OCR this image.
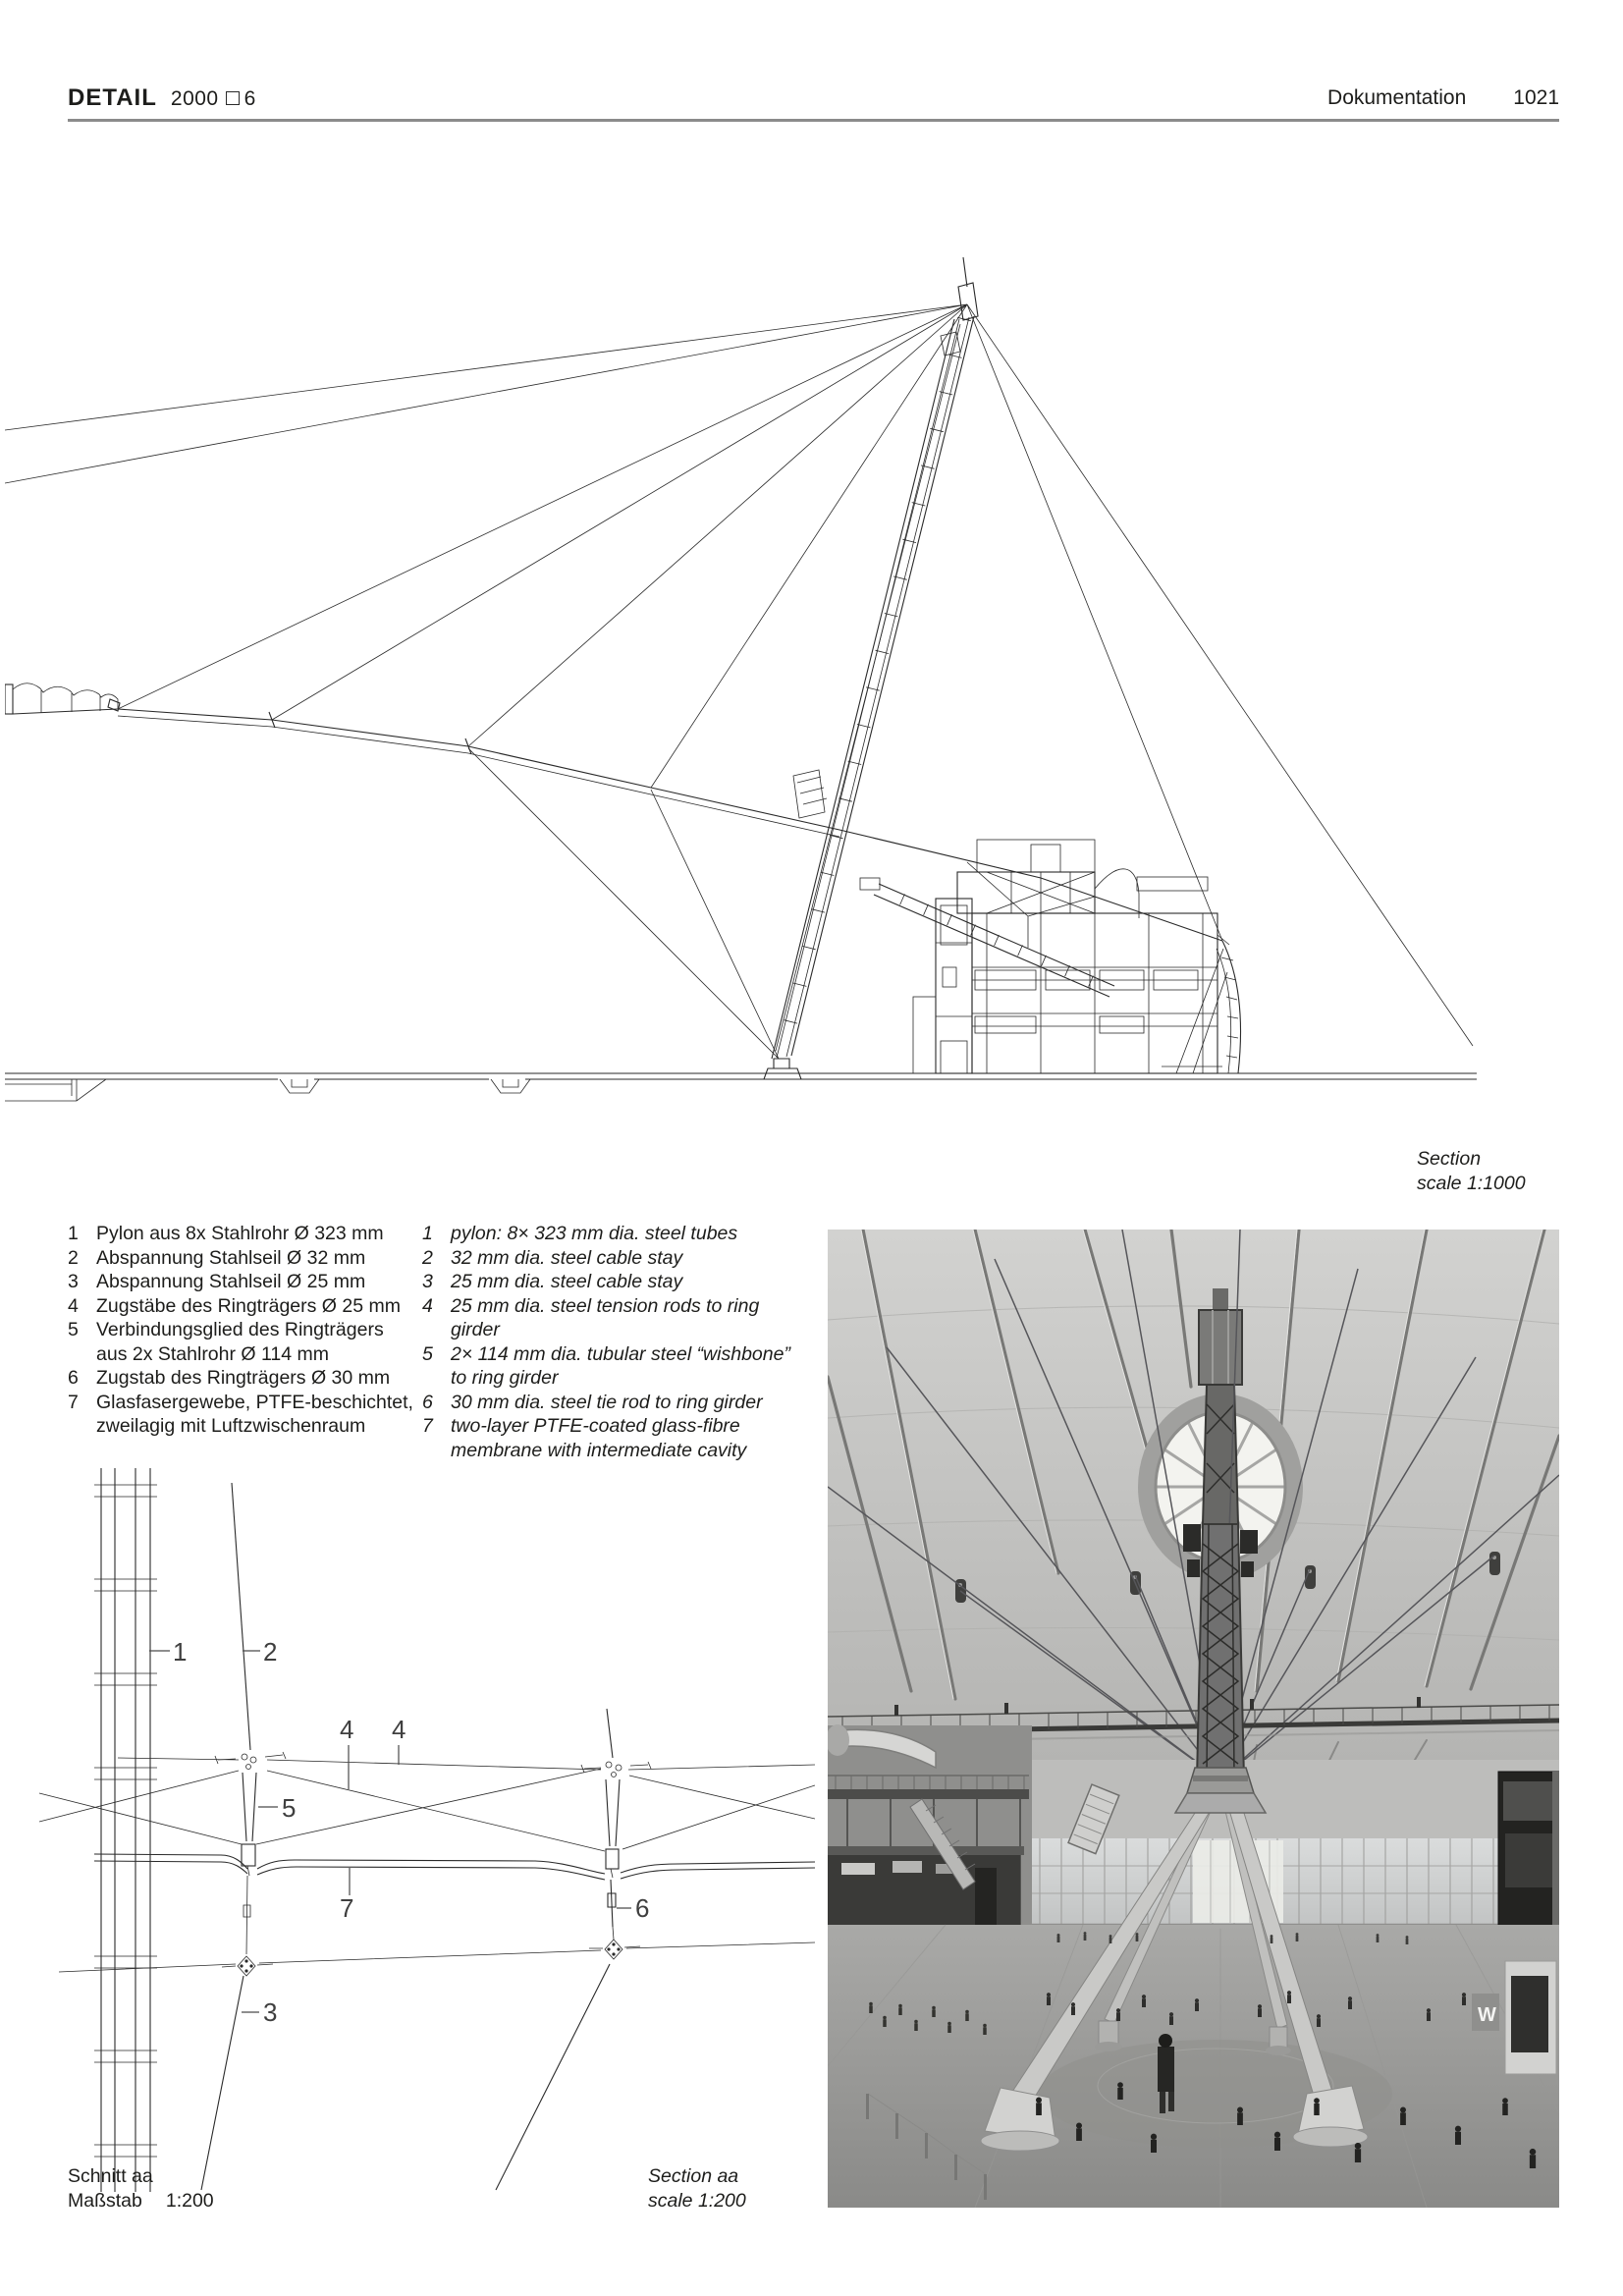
DETAIL 2000 6	Dokumentation 1021
Section
scale 1:1000
1 Pylon aus 8x Stahlrohr Ø 323 mm
2 Abspannung Stahlseil Ø 32 mm
3 Abspannung Stahlseil Ø 25 mm
4 Zugstäbe des Ringträgers Ø 25 mm
5 Verbindungsglied des Ringträgers
aus 2x Stahlrohr Ø 114 mm
6 Zugstab des Ringträgers Ø 30 mm
7 Glasfasergewebe, PTFE-beschichtet,
zweilagig mit Luftzwischenraum
1 pylon: 8× 323 mm dia. steel tubes
2 32 mm dia. steel cable stay
3 25 mm dia. steel cable stay
4 25 mm dia. steel tension rods to ring girder
5 2× 114 mm dia. tubular steel “wishbone”
to ring girder
6 30 mm dia. steel tie rod to ring girder
7 two-layer PTFE-coated glass-fibre
membrane with intermediate cavity
1	2
4 4
5
7	6
3
Schnitt aa
Maßstab 1:200
Section aa
scale 1:200
W
